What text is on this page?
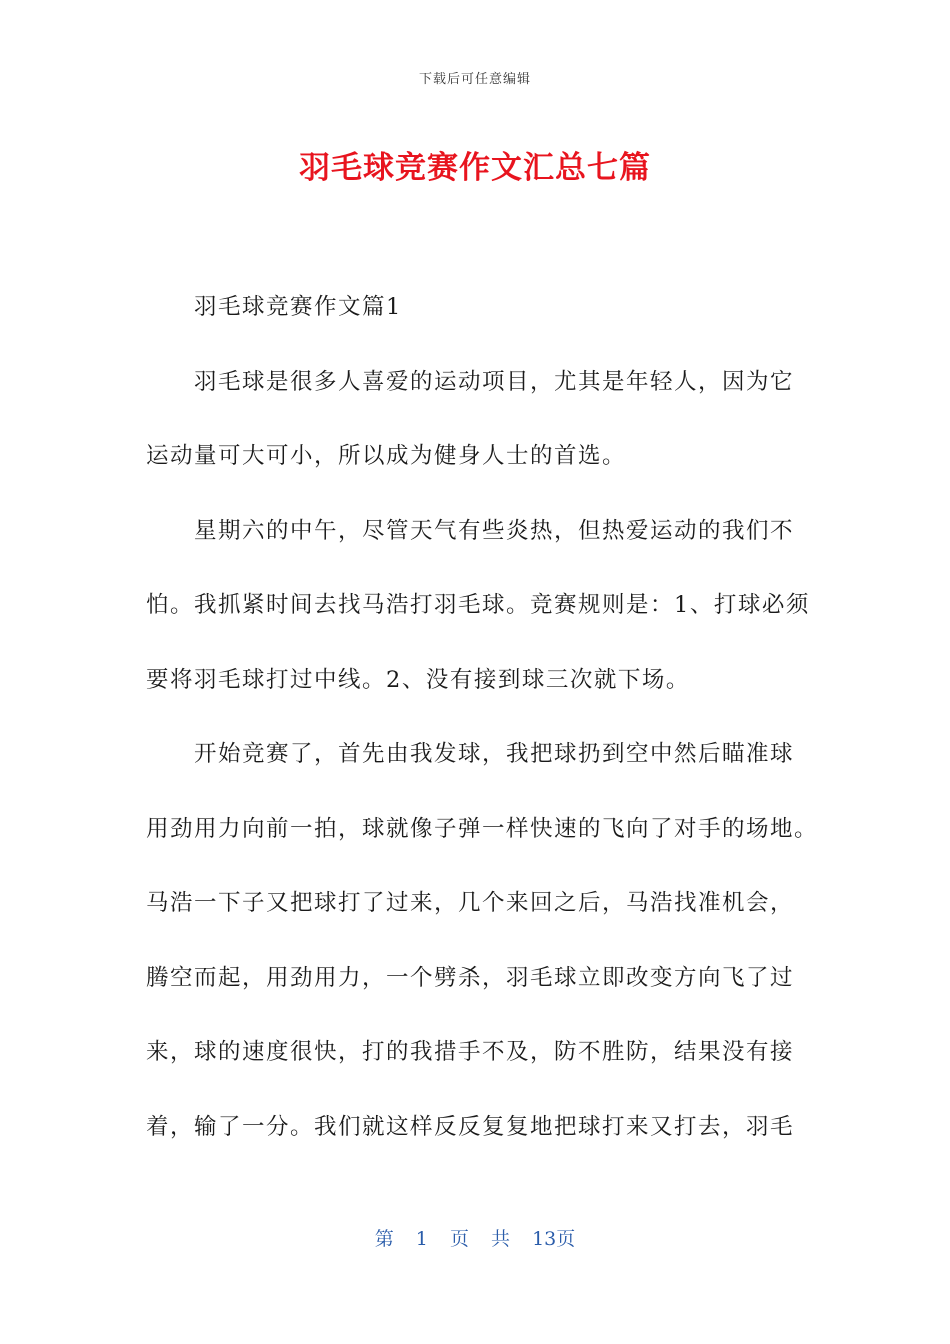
下载后可任意编辑
羽毛球竞赛作文汇总七篇
羽毛球竞赛作文篇1
羽毛球是很多人喜爱的运动项目，尤其是年轻人，因为它
运动量可大可小，所以成为健身人士的首选。
星期六的中午，尽管天气有些炎热，但热爱运动的我们不
怕。我抓紧时间去找马浩打羽毛球。竞赛规则是：1、打球必须
要将羽毛球打过中线。2、没有接到球三次就下场。
开始竞赛了，首先由我发球，我把球扔到空中然后瞄准球
用劲用力向前一拍，球就像子弹一样快速的飞向了对手的场地。
马浩一下子又把球打了过来，几个来回之后，马浩找准机会，
腾空而起，用劲用力，一个劈杀，羽毛球立即改变方向飞了过
来，球的速度很快，打的我措手不及，防不胜防，结果没有接
着，输了一分。我们就这样反反复复地把球打来又打去，羽毛
第 1 页 共 13页
